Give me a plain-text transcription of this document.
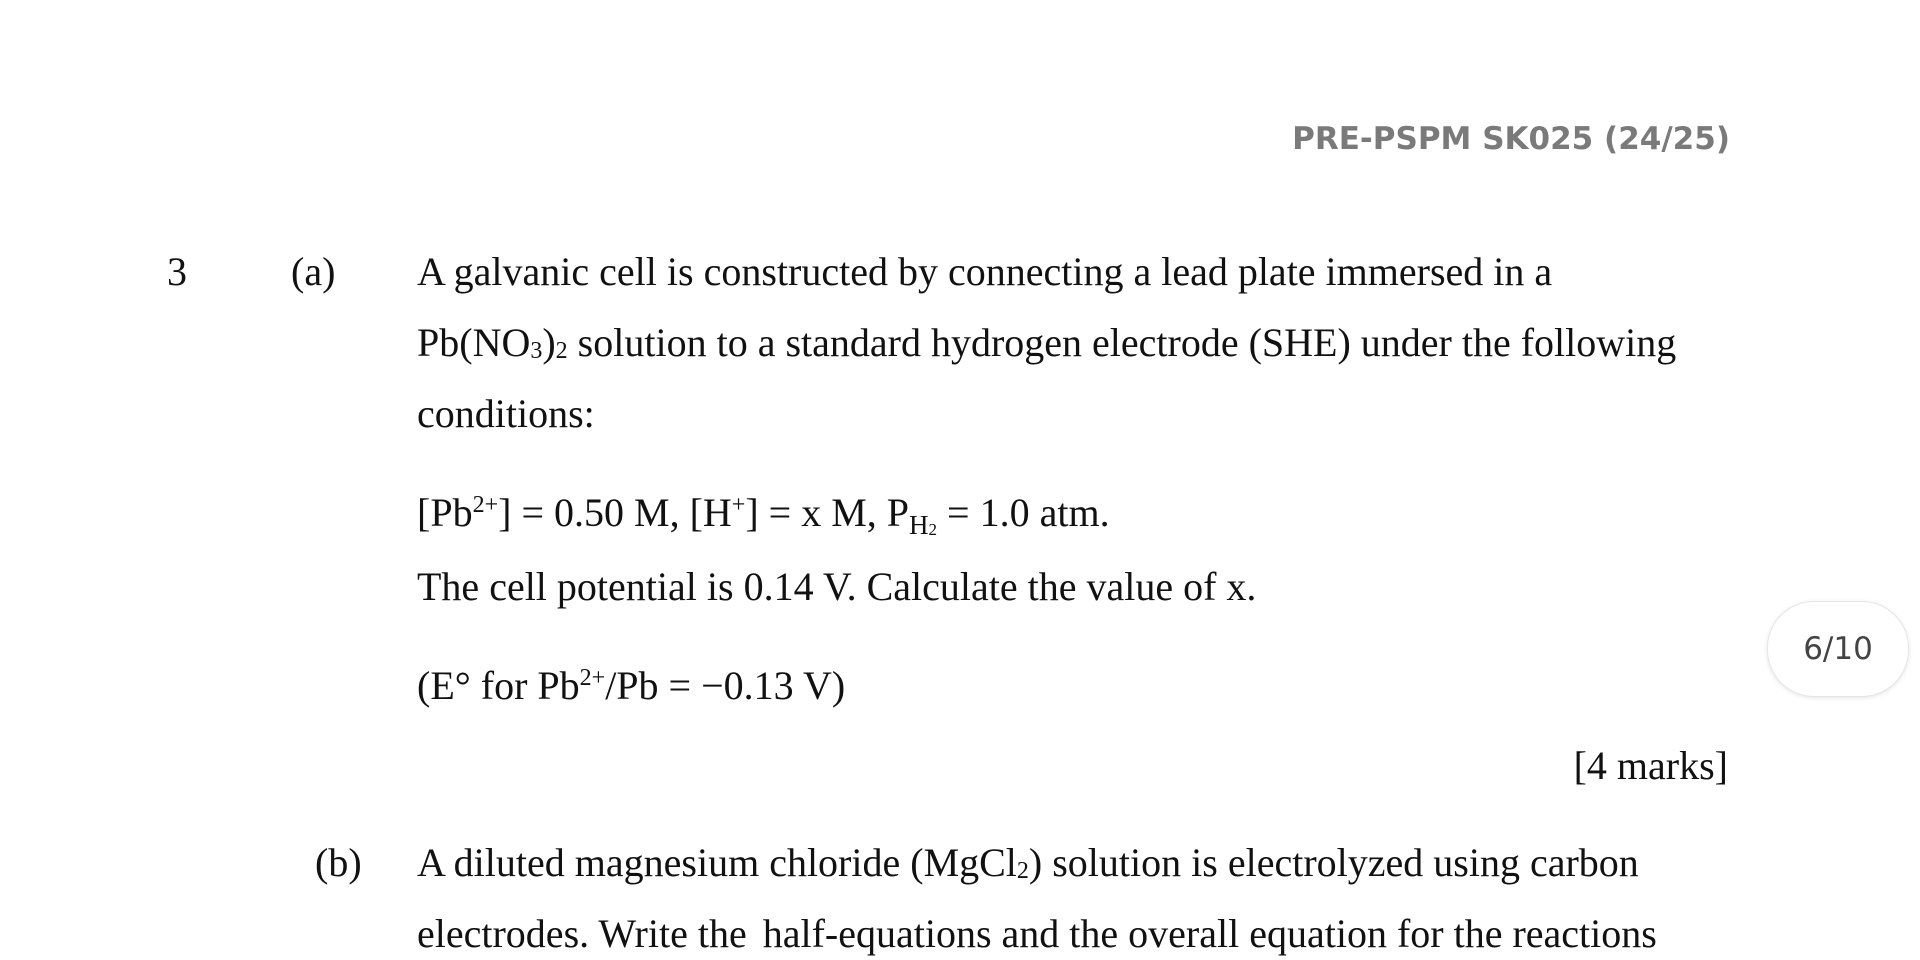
PRE-PSPM SK025 (24/25)
3	(a) A galvanic cell is constructed by connecting a lead plate immersed in a
Pb(NO3)2 solution to a standard hydrogen electrode (SHE) under the following
conditions:
$[Pb^{2+}] = 0.50$ M, [H+] = x M, $P_{H2} = 1.0$ atm.
The cell potential is 0.14 V. Calculate the value of x.
(E° for $Pb^{2+}/Pb = -0.13$ V)
[4 marks]
(b) A diluted magnesium chloride (MgCl2) solution is electrolyzed using carbon
electrodes. Write the half-equations and the overall equation for the reactions
6/10
